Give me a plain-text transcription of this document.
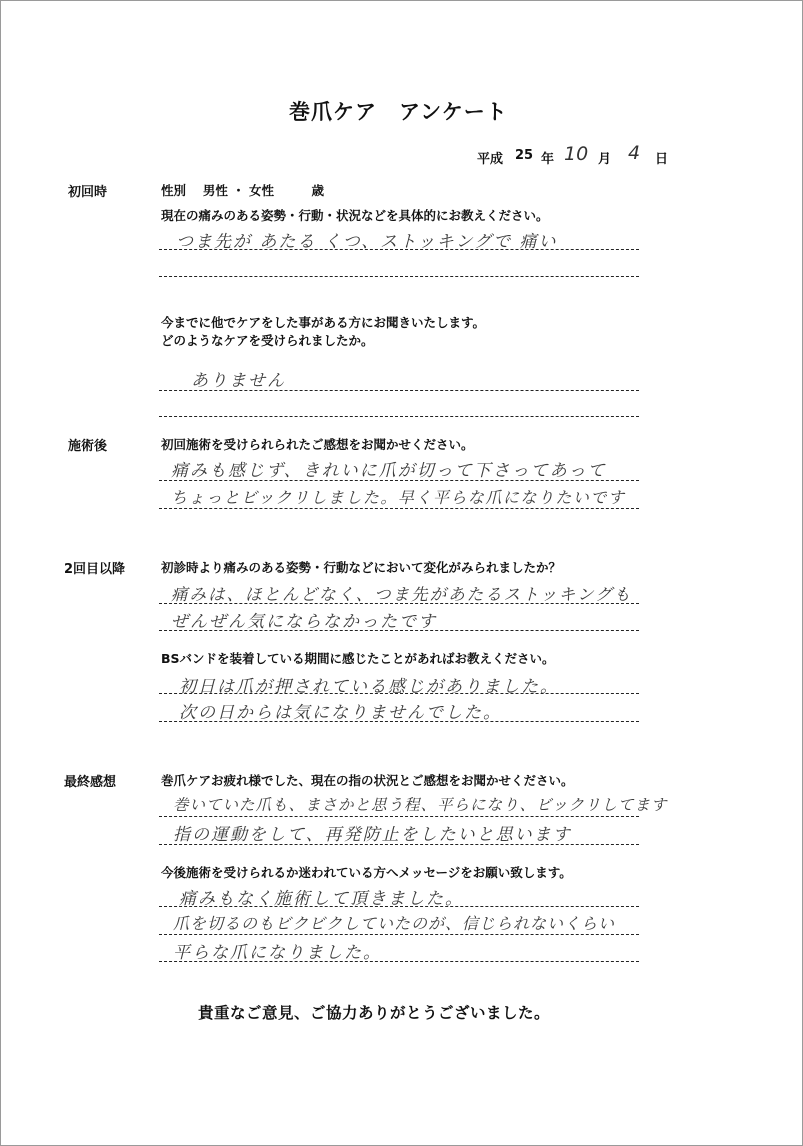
巻爪ケア　アンケート
平成 25 年 10 月 4 日
初回時	性別　 男性 ・ 女性　　　歳
現在の痛みのある姿勢・行動・状況などを具体的にお教えください。
つま先が あたる くつ、ストッキングで 痛い
今までに他でケアをした事がある方にお聞きいたします。
どのようなケアを受けられましたか。
ありません
施術後	初回施術を受けられられたご感想をお聞かせください。
痛みも感じず、きれいに爪が切って下さってあって
ちょっとビックリしました。早く平らな爪になりたいです
2回目以降	初診時より痛みのある姿勢・行動などにおいて変化がみられましたか？
痛みは、ほとんどなく、つま先があたるストッキングも
ぜんぜん気にならなかったです
BSバンドを装着している期間に感じたことがあればお教えください。
初日は爪が押されている感じがありました。
次の日からは気になりませんでした。
最終感想	巻爪ケアお疲れ様でした、現在の指の状況とご感想をお聞かせください。
巻いていた爪も、まさかと思う程、平らになり、ビックリしてます
指の運動をして、再発防止をしたいと思います
今後施術を受けられるか迷われている方へメッセージをお願い致します。
痛みもなく施術して頂きました。
爪を切るのもビクビクしていたのが、信じられないくらい
平らな爪になりました。
貴重なご意見、ご協力ありがとうございました。
